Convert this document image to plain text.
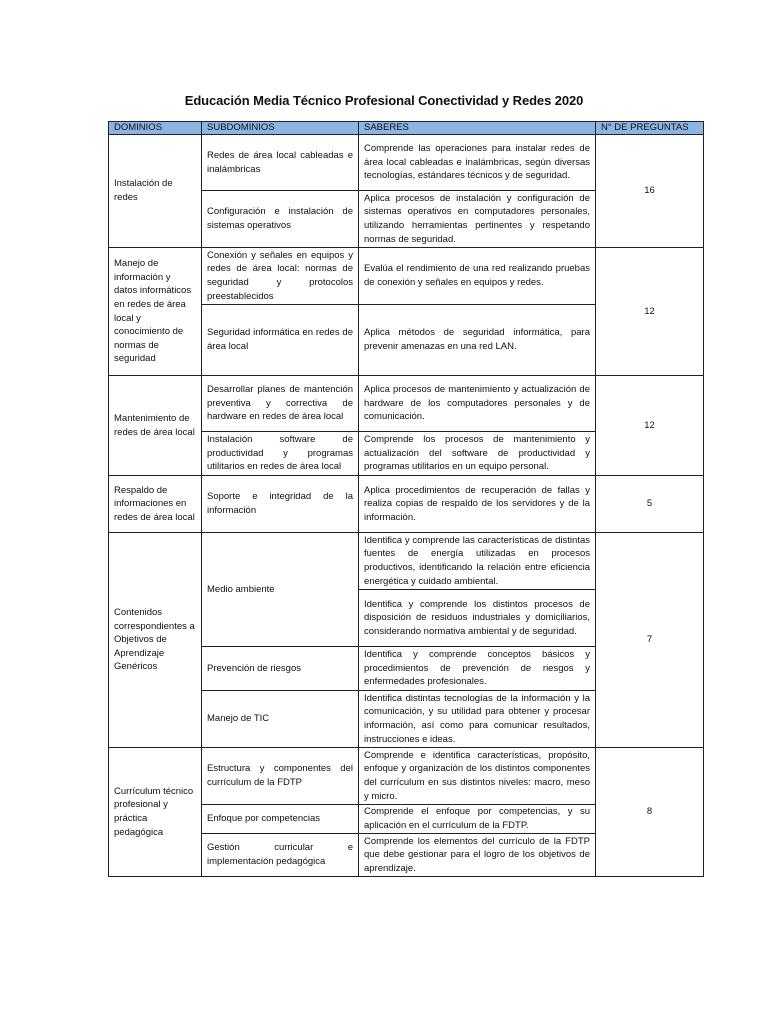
Educación Media Técnico Profesional Conectividad y Redes 2020
DOMINIOS	SUBDOMINIOS	SABERES	N° DE PREGUNTAS
Instalación de redes	Redes de área local cableadas e inalámbricas	Comprende las operaciones para instalar redes de área local cableadas e inalámbricas, según diversas tecnologías, estándares técnicos y de seguridad.	16
	Configuración e instalación de sistemas operativos	Aplica procesos de instalación y configuración de sistemas operativos en computadores personales, utilizando herramientas pertinentes y respetando normas de seguridad.	
Manejo de información y datos informáticos en redes de área local y conocimiento de normas de seguridad	Conexión y señales en equipos y redes de área local: normas de seguridad y protocolos preestablecidos	Evalúa el rendimiento de una red realizando pruebas de conexión y señales en equipos y redes.	12
	Seguridad informática en redes de área local	Aplica métodos de seguridad informática, para prevenir amenazas en una red LAN.	
Mantenimiento de redes de área local	Desarrollar planes de mantención preventiva y correctiva de hardware en redes de área local	Aplica procesos de mantenimiento y actualización de hardware de los computadores personales y de comunicación.	12
	Instalación software de productividad y programas utilitarios en redes de área local	Comprende los procesos de mantenimiento y actualización del software de productividad y programas utilitarios en un equipo personal.	
Respaldo de informaciones en redes de área local	Soporte e integridad de la información	Aplica procedimientos de recuperación de fallas y realiza copias de respaldo de los servidores y de la información.	5
Contenidos correspondientes a Objetivos de Aprendizaje Genéricos	Medio ambiente	Identifica y comprende las características de distintas fuentes de energía utilizadas en procesos productivos, identificando la relación entre eficiencia energética y cuidado ambiental.	7
		Identifica y comprende los distintos procesos de disposición de residuos industriales y domiciliarios, considerando normativa ambiental y de seguridad.	
	Prevención de riesgos	Identifica y comprende conceptos básicos y procedimientos de prevención de riesgos y enfermedades profesionales.	
	Manejo de TIC	Identifica distintas tecnologías de la información y la comunicación, y su utilidad para obtener y procesar información, así como para comunicar resultados, instrucciones e ideas.	

Currículum técnico profesional y práctica pedagógica	Estructura y componentes del currículum de la FDTP	Comprende e identifica características, propósito, enfoque y organización de los distintos componentes del currículum en sus distintos niveles: macro, meso y micro.	8
	Enfoque por competencias	Comprende el enfoque por competencias, y su aplicación en el currículum de la FDTP.	
	Gestión curricular e implementación pedagógica	Comprende los elementos del currículo de la FDTP que debe gestionar para el logro de los objetivos de aprendizaje.	
